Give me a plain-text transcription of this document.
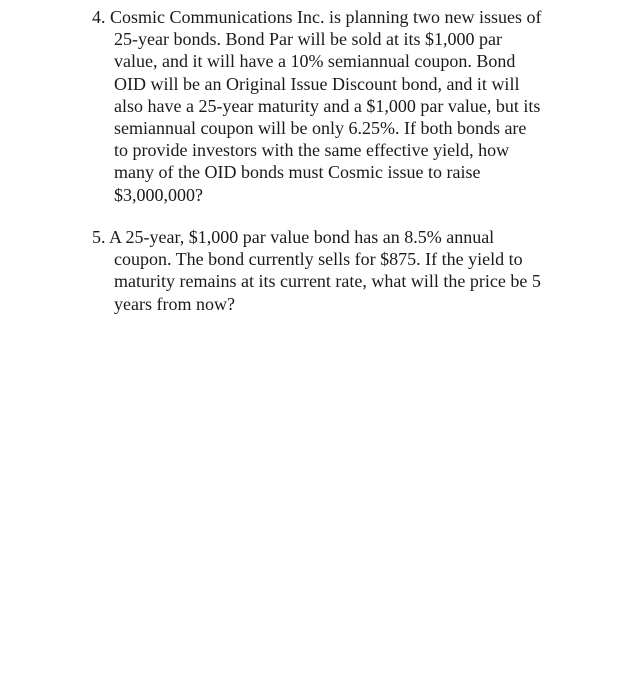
4. Cosmic Communications Inc. is planning two new issues of
25-year bonds. Bond Par will be sold at its $1,000 par
value, and it will have a 10% semiannual coupon. Bond
OID will be an Original Issue Discount bond, and it will
also have a 25-year maturity and a $1,000 par value, but its
semiannual coupon will be only 6.25%. If both bonds are
to provide investors with the same effective yield, how
many of the OID bonds must Cosmic issue to raise
$3,000,000?
5. A 25-year, $1,000 par value bond has an 8.5% annual
coupon. The bond currently sells for $875. If the yield to
maturity remains at its current rate, what will the price be 5
years from now?
